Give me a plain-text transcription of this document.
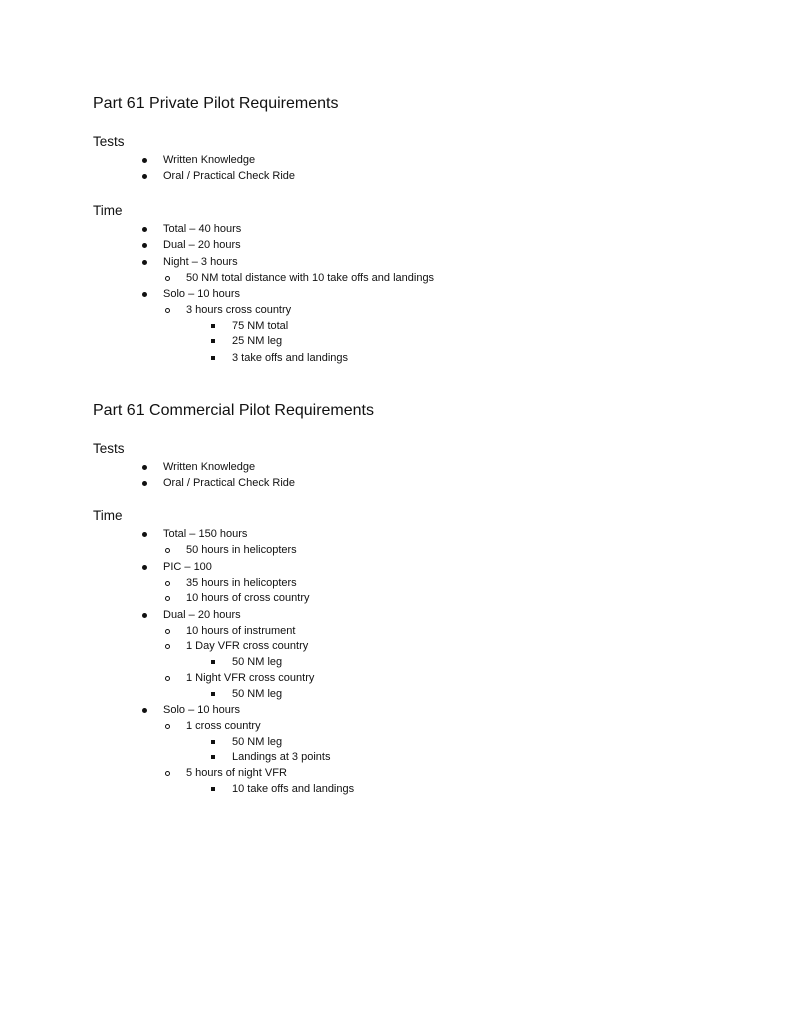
Part 61 Private Pilot Requirements
Tests
Written Knowledge
Oral / Practical Check Ride
Time
Total – 40 hours
Dual – 20 hours
Night – 3 hours
50 NM total distance with 10 take offs and landings
Solo – 10 hours
3 hours cross country
75 NM total
25 NM leg
3 take offs and landings
Part 61 Commercial Pilot Requirements
Tests
Written Knowledge
Oral / Practical Check Ride
Time
Total – 150 hours
50 hours in helicopters
PIC – 100
35 hours in helicopters
10 hours of cross country
Dual – 20 hours
10 hours of instrument
1 Day VFR cross country
50 NM leg
1 Night VFR cross country
50 NM leg
Solo – 10 hours
1 cross country
50 NM leg
Landings at 3 points
5 hours of night VFR
10 take offs and landings
